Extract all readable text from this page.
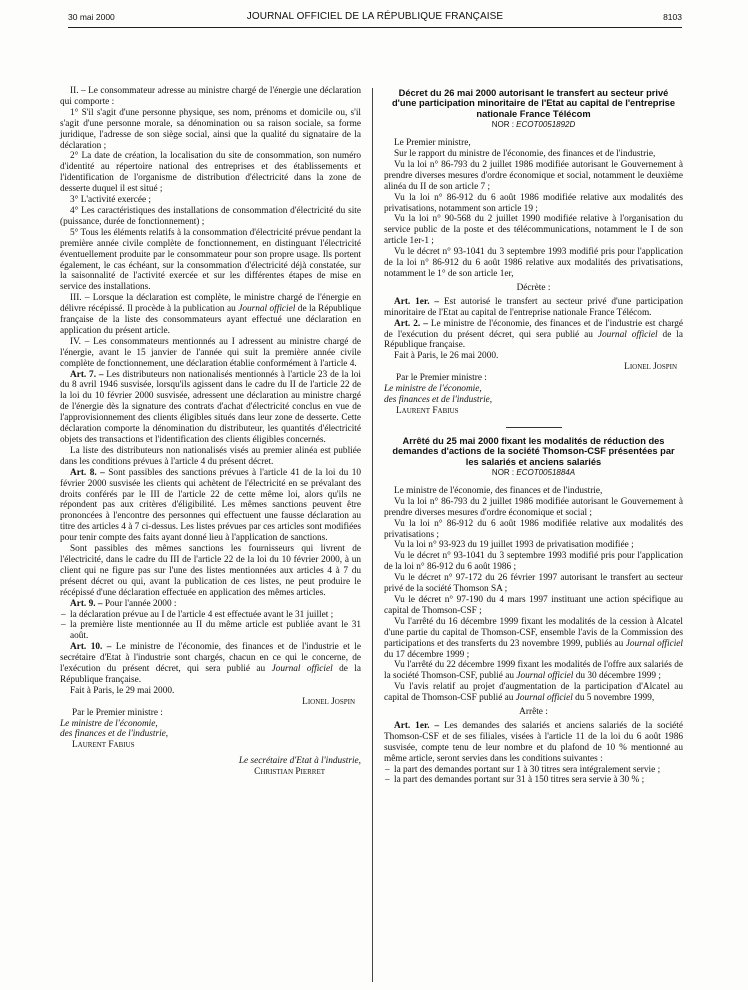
30 mai 2000	JOURNAL OFFICIEL DE LA RÉPUBLIQUE FRANÇAISE	8103

II. – Le consommateur adresse au ministre chargé de l'énergie une déclaration qui comporte :

1° S'il s'agit d'une personne physique, ses nom, prénoms et domicile ou, s'il s'agit d'une personne morale, sa dénomination ou sa raison sociale, sa forme juridique, l'adresse de son siège social, ainsi que la qualité du signataire de la déclaration ;

2° La date de création, la localisation du site de consommation, son numéro d'identité au répertoire national des entreprises et des établissements et l'identification de l'organisme de distribution d'électricité dans la zone de desserte duquel il est situé ;

3° L'activité exercée ;

4° Les caractéristiques des installations de consommation d'électricité du site (puissance, durée de fonctionnement) ;

5° Tous les éléments relatifs à la consommation d'électricité prévue pendant la première année civile complète de fonctionnement, en distinguant l'électricité éventuellement produite par le consommateur pour son propre usage. Ils portent également, le cas échéant, sur la consommation d'électricité déjà constatée, sur la saisonnalité de l'activité exercée et sur les différentes étapes de mise en service des installations.

III. – Lorsque la déclaration est complète, le ministre chargé de l'énergie en délivre récépissé. Il procède à la publication au Journal officiel de la République française de la liste des consommateurs ayant effectué une déclaration en application du présent article.

IV. – Les consommateurs mentionnés au I adressent au ministre chargé de l'énergie, avant le 15 janvier de l'année qui suit la première année civile complète de fonctionnement, une déclaration établie conformément à l'article 4.

Art. 7. – Les distributeurs non nationalisés mentionnés à l'article 23 de la loi du 8 avril 1946 susvisée, lorsqu'ils agissent dans le cadre du II de l'article 22 de la loi du 10 février 2000 susvisée, adressent une déclaration au ministre chargé de l'énergie dès la signature des contrats d'achat d'électricité conclus en vue de l'approvisionnement des clients éligibles situés dans leur zone de desserte. Cette déclaration comporte la dénomination du distributeur, les quantités d'électricité objets des transactions et l'identification des clients éligibles concernés.

La liste des distributeurs non nationalisés visés au premier alinéa est publiée dans les conditions prévues à l'article 4 du présent décret.

Art. 8. – Sont passibles des sanctions prévues à l'article 41 de la loi du 10 février 2000 susvisée les clients qui achètent de l'électricité en se prévalant des droits conférés par le III de l'article 22 de cette même loi, alors qu'ils ne répondent pas aux critères d'éligibilité. Les mêmes sanctions peuvent être prononcées à l'encontre des personnes qui effectuent une fausse déclaration au titre des articles 4 à 7 ci-dessus. Les listes prévues par ces articles sont modifiées pour tenir compte des faits ayant donné lieu à l'application de sanctions.

Sont passibles des mêmes sanctions les fournisseurs qui livrent de l'électricité, dans le cadre du III de l'article 22 de la loi du 10 février 2000, à un client qui ne figure pas sur l'une des listes mentionnées aux articles 4 à 7 du présent décret ou qui, avant la publication de ces listes, ne peut produire le récépissé d'une déclaration effectuée en application des mêmes articles.

Art. 9. – Pour l'année 2000 :

– la déclaration prévue au I de l'article 4 est effectuée avant le 31 juillet ;

– la première liste mentionnée au II du même article est publiée avant le 31 août.

Art. 10. – Le ministre de l'économie, des finances et de l'industrie et le secrétaire d'Etat à l'industrie sont chargés, chacun en ce qui le concerne, de l'exécution du présent décret, qui sera publié au Journal officiel de la République française.

Fait à Paris, le 29 mai 2000.

Lionel Jospin

Par le Premier ministre :

Le ministre de l'économie,

des finances et de l'industrie,

Laurent Fabius

Le secrétaire d'Etat à l'industrie,

Christian Pierret

Décret du 26 mai 2000 autorisant le transfert au secteur privé d'une participation minoritaire de l'Etat au capital de l'entreprise nationale France Télécom
NOR : ECOT0051892D

Le Premier ministre,

Sur le rapport du ministre de l'économie, des finances et de l'industrie,

Vu la loi n° 86-793 du 2 juillet 1986 modifiée autorisant le Gouvernement à prendre diverses mesures d'ordre économique et social, notamment le deuxième alinéa du II de son article 7 ;

Vu la loi n° 86-912 du 6 août 1986 modifiée relative aux modalités des privatisations, notamment son article 19 ;

Vu la loi n° 90-568 du 2 juillet 1990 modifiée relative à l'organisation du service public de la poste et des télécommunications, notamment le I de son article 1er-1 ;

Vu le décret n° 93-1041 du 3 septembre 1993 modifié pris pour l'application de la loi n° 86-912 du 6 août 1986 relative aux modalités des privatisations, notamment le 1° de son article 1er,

Décrète :

Art. 1er. – Est autorisé le transfert au secteur privé d'une participation minoritaire de l'Etat au capital de l'entreprise nationale France Télécom.

Art. 2. – Le ministre de l'économie, des finances et de l'industrie est chargé de l'exécution du présent décret, qui sera publié au Journal officiel de la République française.

Fait à Paris, le 26 mai 2000.

Lionel Jospin

Par le Premier ministre :

Le ministre de l'économie,

des finances et de l'industrie,

Laurent Fabius

Arrêté du 25 mai 2000 fixant les modalités de réduction des demandes d'actions de la société Thomson-CSF présentées par les salariés et anciens salariés
NOR : ECOT0051884A

Le ministre de l'économie, des finances et de l'industrie,

Vu la loi n° 86-793 du 2 juillet 1986 modifiée autorisant le Gouvernement à prendre diverses mesures d'ordre économique et social ;

Vu la loi n° 86-912 du 6 août 1986 modifiée relative aux modalités des privatisations ;

Vu la loi n° 93-923 du 19 juillet 1993 de privatisation modifiée ;

Vu le décret n° 93-1041 du 3 septembre 1993 modifié pris pour l'application de la loi n° 86-912 du 6 août 1986 ;

Vu le décret n° 97-172 du 26 février 1997 autorisant le transfert au secteur privé de la société Thomson SA ;

Vu le décret n° 97-190 du 4 mars 1997 instituant une action spécifique au capital de Thomson-CSF ;

Vu l'arrêté du 16 décembre 1999 fixant les modalités de la cession à Alcatel d'une partie du capital de Thomson-CSF, ensemble l'avis de la Commission des participations et des transferts du 23 novembre 1999, publiés au Journal officiel du 17 décembre 1999 ;

Vu l'arrêté du 22 décembre 1999 fixant les modalités de l'offre aux salariés de la société Thomson-CSF, publié au Journal officiel du 30 décembre 1999 ;

Vu l'avis relatif au projet d'augmentation de la participation d'Alcatel au capital de Thomson-CSF publié au Journal officiel du 5 novembre 1999,

Arrête :

Art. 1er. – Les demandes des salariés et anciens salariés de la société Thomson-CSF et de ses filiales, visées à l'article 11 de la loi du 6 août 1986 susvisée, compte tenu de leur nombre et du plafond de 10 % mentionné au même article, seront servies dans les conditions suivantes :

– la part des demandes portant sur 1 à 30 titres sera intégralement servie ;

– la part des demandes portant sur 31 à 150 titres sera servie à 30 % ;
